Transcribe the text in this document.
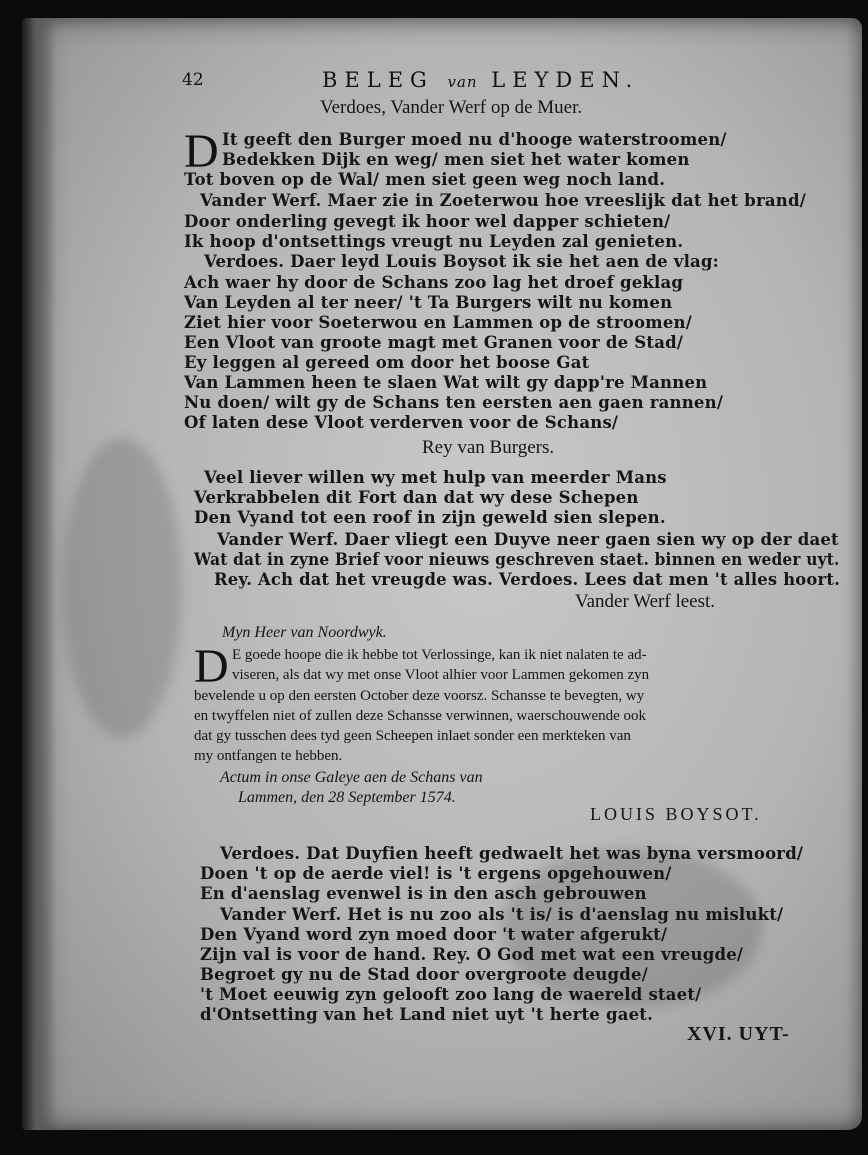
42	BELEG van LEYDEN.
Verdoes, Vander Werf op de Muer.
D It geeft den Burger moed nu d'hooge waterstroomen/
Bedekken Dijk en weg/ men siet het water komen
Tot boven op de Wal/ men siet geen weg noch land.
Vander Werf. Maer zie in Zoeterwou hoe vreeslijk dat het brand/
Door onderling gevegt ik hoor wel dapper schieten/
Ik hoop d'ontsettings vreugt nu Leyden zal genieten.
Verdoes. Daer leyd Louis Boysot ik sie het aen de vlag:
Ach waer hy door de Schans zoo lag het droef geklag
Van Leyden al ter neer/ 't Ta Burgers wilt nu komen
Ziet hier voor Soeterwou en Lammen op de stroomen/
Een Vloot van groote magt met Granen voor de Stad/
Ey leggen al gereed om door het boose Gat
Van Lammen heen te slaen Wat wilt gy dapp're Mannen
Nu doen/ wilt gy de Schans ten eersten aen gaen rannen/
Of laten dese Vloot verderven voor de Schans/
Rey van Burgers.
Veel liever willen wy met hulp van meerder Mans
Verkrabbelen dit Fort dan dat wy dese Schepen
Den Vyand tot een roof in zijn geweld sien slepen.
Vander Werf. Daer vliegt een Duyve neer gaen sien wy op der daet
Wat dat in zyne Brief voor nieuws geschreven staet. binnen en weder uyt.
Rey. Ach dat het vreugde was. Verdoes. Lees dat men 't alles hoort.
Vander Werf leest.
Myn Heer van Noordwyk.
D E goede hoope die ik hebbe tot Verlossinge, kan ik niet nalaten te ad-
viseren, als dat wy met onse Vloot alhier voor Lammen gekomen zyn
bevelende u op den eersten October deze voorsz. Schansse te bevegten, wy
en twyffelen niet of zullen deze Schansse verwinnen, waerschouwende ook
dat gy tusschen dees tyd geen Scheepen inlaet sonder een merkteken van
my ontfangen te hebben.
Actum in onse Galeye aen de Schans van
Lammen, den 28 September 1574.
LOUIS BOYSOT.
Verdoes. Dat Duyfien heeft gedwaelt het was byna versmoord/
Doen 't op de aerde viel! is 't ergens opgehouwen/
En d'aenslag evenwel is in den asch gebrouwen
Vander Werf. Het is nu zoo als 't is/ is d'aenslag nu mislukt/
Den Vyand word zyn moed door 't water afgerukt/
Zijn val is voor de hand. Rey. O God met wat een vreugde/
Begroet gy nu de Stad door overgroote deugde/
't Moet eeuwig zyn gelooft zoo lang de waereld staet/
d'Ontsetting van het Land niet uyt 't herte gaet.
XVI. UYT-
